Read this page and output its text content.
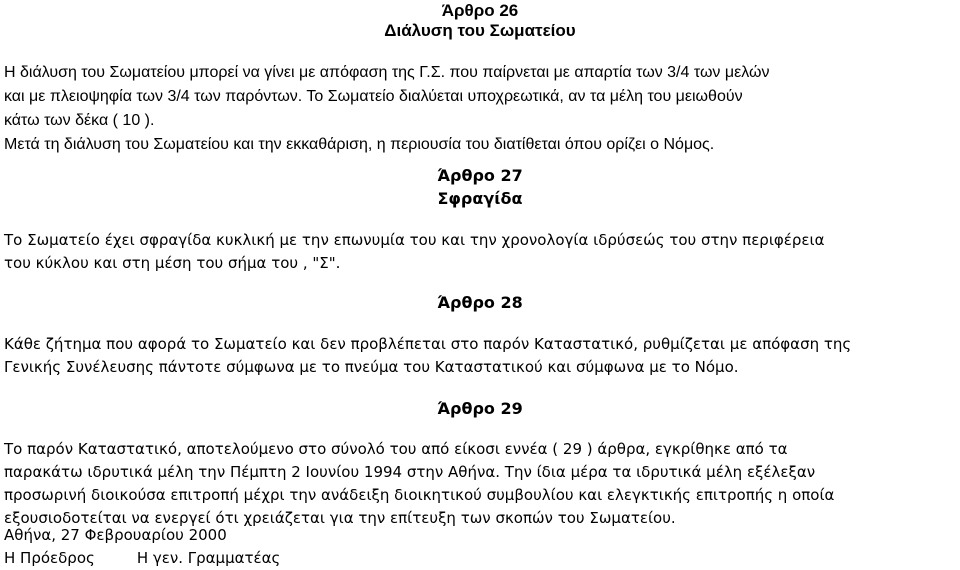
Άρθρο 26
Διάλυση του Σωματείου

Η διάλυση του Σωματείου μπορεί να γίνει με απόφαση της Γ.Σ. που παίρνεται με απαρτία των 3/4 των μελών
και με πλειοψηφία των 3/4 των παρόντων. Το Σωματείο διαλύεται υποχρεωτικά, αν τα μέλη του μειωθούν
κάτω των δέκα ( 10 ).
Μετά τη διάλυση του Σωματείου και την εκκαθάριση, η περιουσία του διατίθεται όπου ορίζει ο Νόμος.

Άρθρο 27
Σφραγίδα

Το Σωματείο έχει σφραγίδα κυκλική με την επωνυμία του και την χρονολογία ιδρύσεώς του στην περιφέρεια
του κύκλου και στη μέση του σήμα του , "Σ".

Άρθρο 28

Κάθε ζήτημα που αφορά το Σωματείο και δεν προβλέπεται στο παρόν Καταστατικό, ρυθμίζεται με απόφαση της
Γενικής Συνέλευσης πάντοτε σύμφωνα με το πνεύμα του Καταστατικού και σύμφωνα με το Νόμο.

Άρθρο 29

Το παρόν Καταστατικό, αποτελούμενο στο σύνολό του από είκοσι εννέα ( 29 ) άρθρα, εγκρίθηκε από τα
παρακάτω ιδρυτικά μέλη την Πέμπτη 2 Ιουνίου 1994 στην Αθήνα. Την ίδια μέρα τα ιδρυτικά μέλη εξέλεξαν
προσωρινή διοικούσα επιτροπή μέχρι την ανάδειξη διοικητικού συμβουλίου και ελεγκτικής επιτροπής η οποία
εξουσιοδοτείται να ενεργεί ότι χρειάζεται για την επίτευξη των σκοπών του Σωματείου.

Αθήνα, 27 Φεβρουαρίου 2000
Η Πρόεδρος	Η γεν. Γραμματέας
